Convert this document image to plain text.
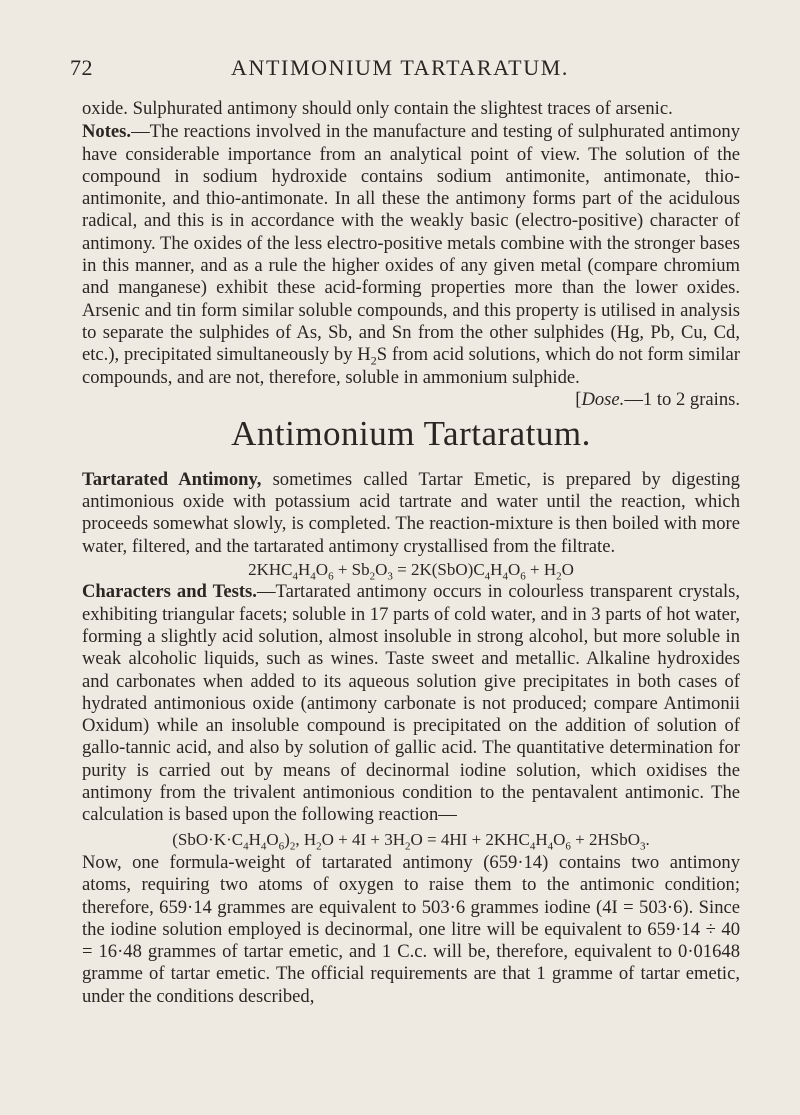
72	ANTIMONIUM TARTARATUM.

oxide. Sulphurated antimony should only contain the slightest traces of arsenic.

Notes.—The reactions involved in the manufacture and testing of sulphurated antimony have considerable importance from an analytical point of view. The solution of the compound in sodium hydroxide contains sodium antimonite, antimonate, thio-antimonite, and thio-antimonate. In all these the antimony forms part of the acidulous radical, and this is in accordance with the weakly basic (electro-positive) character of antimony. The oxides of the less electro-positive metals combine with the stronger bases in this manner, and as a rule the higher oxides of any given metal (compare chromium and manganese) exhibit these acid-forming properties more than the lower oxides. Arsenic and tin form similar soluble compounds, and this property is utilised in analysis to separate the sulphides of As, Sb, and Sn from the other sulphides (Hg, Pb, Cu, Cd, etc.), precipitated simultaneously by $H_2S$ from acid solutions, which do not form similar compounds, and are not, therefore, soluble in ammonium sulphide.
[Dose.—1 to 2 grains.

Antimonium Tartaratum.

Tartarated Antimony, sometimes called Tartar Emetic, is prepared by digesting antimonious oxide with potassium acid tartrate and water until the reaction, which proceeds somewhat slowly, is completed. The reaction-mixture is then boiled with more water, filtered, and the tartarated antimony crystallised from the filtrate.

$2KHC_4H_4O_6 + Sb_2O_3 = 2K(SbO)C_4H_4O_6 + H_2O$

Characters and Tests.—Tartarated antimony occurs in colourless transparent crystals, exhibiting triangular facets; soluble in 17 parts of cold water, and in 3 parts of hot water, forming a slightly acid solution, almost insoluble in strong alcohol, but more soluble in weak alcoholic liquids, such as wines. Taste sweet and metallic. Alkaline hydroxides and carbonates when added to its aqueous solution give precipitates in both cases of hydrated antimonious oxide (antimony carbonate is not produced; compare Antimonii Oxidum) while an insoluble compound is precipitated on the addition of solution of gallo-tannic acid, and also by solution of gallic acid. The quantitative determination for purity is carried out by means of decinormal iodine solution, which oxidises the antimony from the trivalent antimonious condition to the pentavalent antimonic. The calculation is based upon the following reaction—

$(SbO\cdot K\cdot C_4H_4O_6)_2$, $H_2O + 4I + 3H_2O = 4HI + 2KHC_4H_4O_6$ + 2HSbO$_3$.

Now, one formula-weight of tartarated antimony (659·14) contains two antimony atoms, requiring two atoms of oxygen to raise them to the antimonic condition; therefore, 659·14 grammes are equivalent to 503·6 grammes iodine (4I = 503·6). Since the iodine solution employed is decinormal, one litre will be equivalent to 659·14 ÷ 40 = 16·48 grammes of tartar emetic, and 1 C.c. will be, therefore, equivalent to 0·01648 gramme of tartar emetic. The official requirements are that 1 gramme of tartar emetic, under the conditions described,
